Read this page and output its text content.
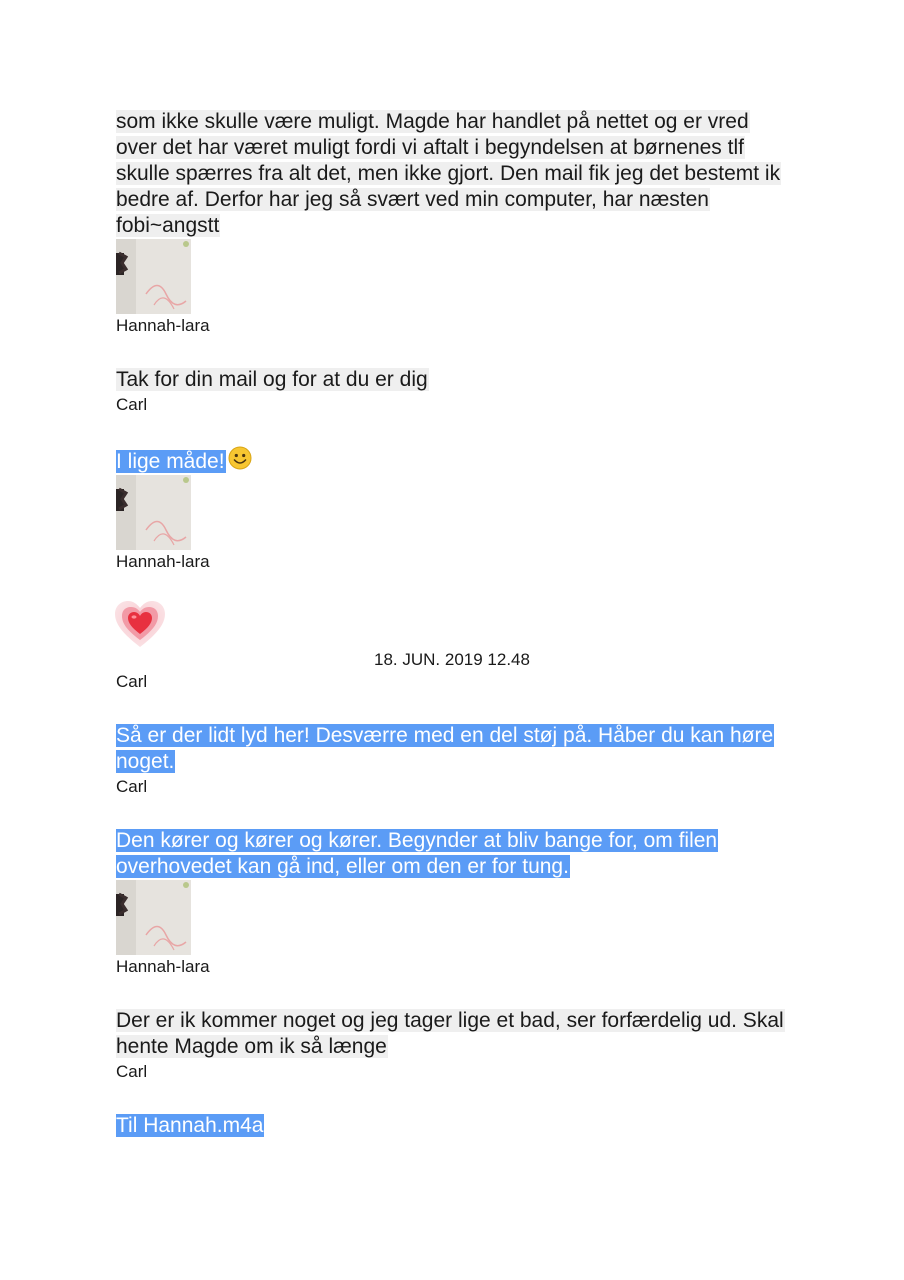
som ikke skulle være muligt. Magde har handlet på nettet og er vred over det har været muligt fordi vi aftalt i begyndelsen at børnenes tlf skulle spærres fra alt det, men ikke gjort. Den mail fik jeg det bestemt ik bedre af. Derfor har jeg så svært ved min computer, har næsten fobi~angstt
Hannah-lara
Tak for din mail og for at du er dig
Carl
I lige måde!
Hannah-lara
18. JUN. 2019 12.48
Carl
Så er der lidt lyd her! Desværre med en del støj på. Håber du kan høre noget.
Carl
Den kører og kører og kører. Begynder at bliv bange for, om filen overhovedet kan gå ind, eller om den er for tung.
Hannah-lara
Der er ik kommer noget og jeg tager lige et bad, ser forfærdelig ud. Skal hente Magde om ik så længe
Carl
Til Hannah.m4a
